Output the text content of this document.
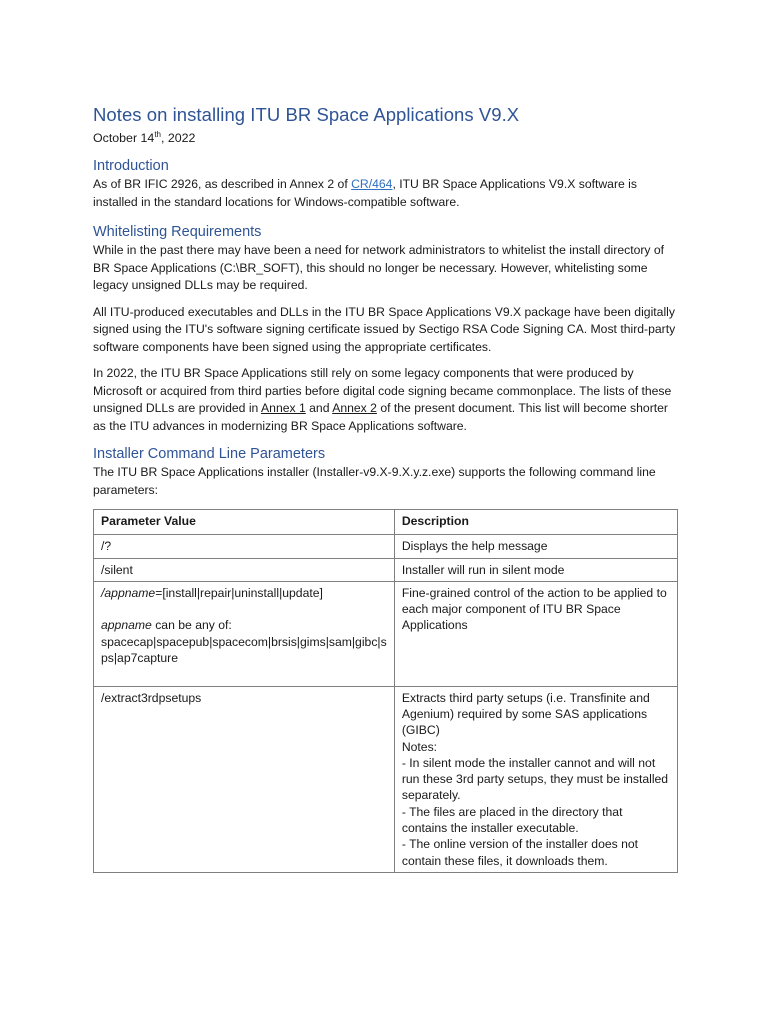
Notes on installing ITU BR Space Applications V9.X
October 14th, 2022
Introduction

As of BR IFIC 2926, as described in Annex 2 of CR/464, ITU BR Space Applications V9.X software is installed in the standard locations for Windows-compatible software.

Whitelisting Requirements

While in the past there may have been a need for network administrators to whitelist the install directory of BR Space Applications (C:\BR_SOFT), this should no longer be necessary. However, whitelisting some legacy unsigned DLLs may be required.

All ITU-produced executables and DLLs in the ITU BR Space Applications V9.X package have been digitally signed using the ITU's software signing certificate issued by Sectigo RSA Code Signing CA. Most third-party software components have been signed using the appropriate certificates.

In 2022, the ITU BR Space Applications still rely on some legacy components that were produced by Microsoft or acquired from third parties before digital code signing became commonplace. The lists of these unsigned DLLs are provided in Annex 1 and Annex 2 of the present document. This list will become shorter as the ITU advances in modernizing BR Space Applications software.

Installer Command Line Parameters

The ITU BR Space Applications installer (Installer-v9.X-9.X.y.z.exe) supports the following command line parameters:

Parameter Value	Description
/?	Displays the help message
/silent	Installer will run in silent mode

/appname=[install|repair|uninstall|update]
appname can be any of:
spacecap|spacepub|spacecom|brsis|gims|sam|gibc|sps|ap7capture	Fine-grained control of the action to be applied to each major component of ITU BR Space Applications
/extract3rdpsetups	Extracts third party setups (i.e. Transfinite and Agenium) required by some SAS applications (GIBC)
Notes:
- In silent mode the installer cannot and will not run these 3rd party setups, they must be installed separately.
- The files are placed in the directory that contains the installer executable.
- The online version of the installer does not contain these files, it downloads them.
